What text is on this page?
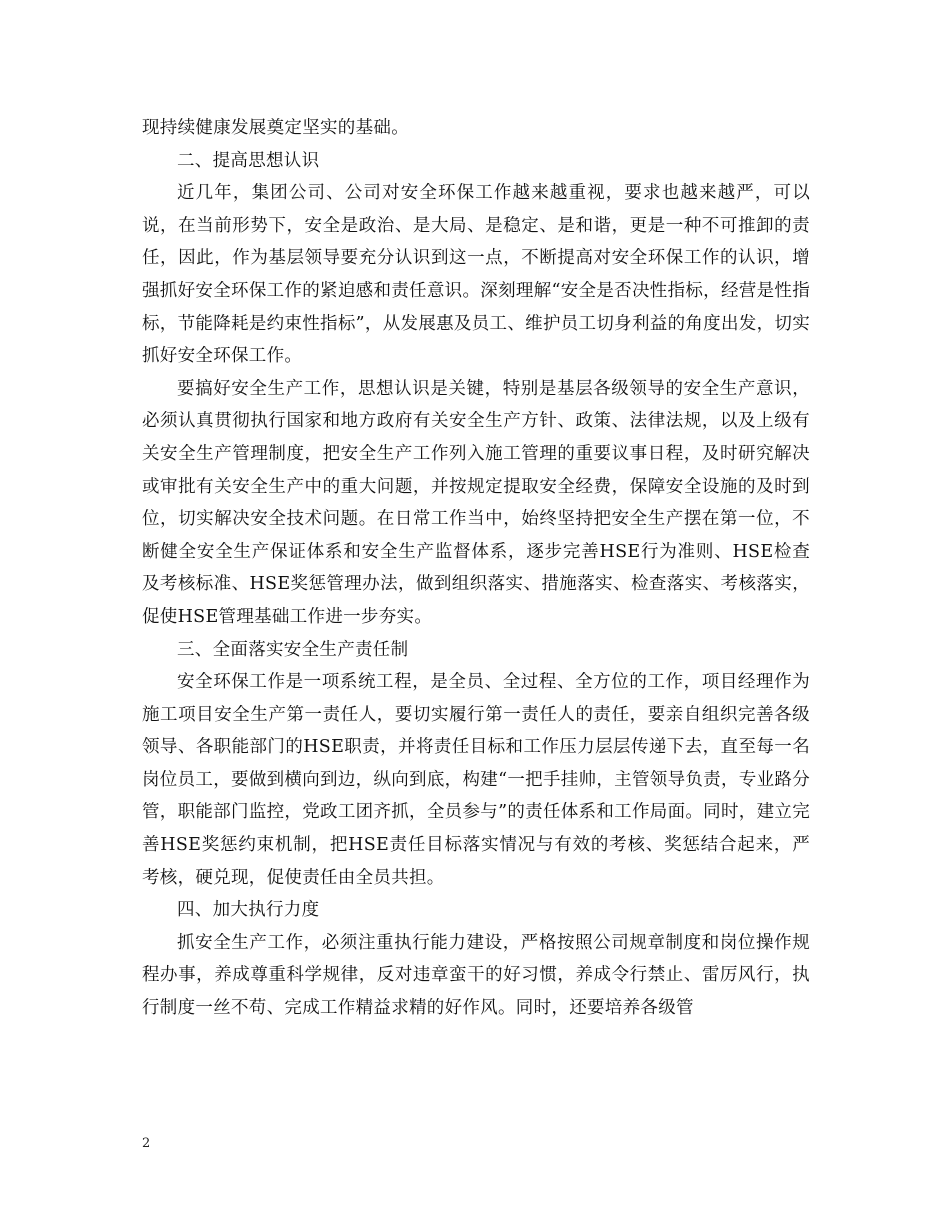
现持续健康发展奠定坚实的基础。

二、提高思想认识

近几年，集团公司、公司对安全环保工作越来越重视，要求也越来越严，可以说，在当前形势下，安全是政治、是大局、是稳定、是和谐，更是一种不可推卸的责任，因此，作为基层领导要充分认识到这一点，不断提高对安全环保工作的认识，增强抓好安全环保工作的紧迫感和责任意识。深刻理解“安全是否决性指标，经营是性指标，节能降耗是约束性指标”，从发展惠及员工、维护员工切身利益的角度出发，切实抓好安全环保工作。

要搞好安全生产工作，思想认识是关键，特别是基层各级领导的安全生产意识，必须认真贯彻执行国家和地方政府有关安全生产方针、政策、法律法规，以及上级有关安全生产管理制度，把安全生产工作列入施工管理的重要议事日程，及时研究解决或审批有关安全生产中的重大问题，并按规定提取安全经费，保障安全设施的及时到位，切实解决安全技术问题。在日常工作当中，始终坚持把安全生产摆在第一位，不断健全安全生产保证体系和安全生产监督体系，逐步完善HSE行为准则、HSE检查及考核标准、HSE奖惩管理办法，做到组织落实、措施落实、检查落实、考核落实，促使HSE管理基础工作进一步夯实。

三、全面落实安全生产责任制

安全环保工作是一项系统工程，是全员、全过程、全方位的工作，项目经理作为施工项目安全生产第一责任人，要切实履行第一责任人的责任，要亲自组织完善各级领导、各职能部门的HSE职责，并将责任目标和工作压力层层传递下去，直至每一名岗位员工，要做到横向到边，纵向到底，构建“一把手挂帅，主管领导负责，专业路分管，职能部门监控，党政工团齐抓，全员参与”的责任体系和工作局面。同时，建立完善HSE奖惩约束机制，把HSE责任目标落实情况与有效的考核、奖惩结合起来，严考核，硬兑现，促使责任由全员共担。

四、加大执行力度

抓安全生产工作，必须注重执行能力建设，严格按照公司规章制度和岗位操作规程办事，养成尊重科学规律，反对违章蛮干的好习惯，养成令行禁止、雷厉风行，执行制度一丝不苟、完成工作精益求精的好作风。同时，还要培养各级管

2
